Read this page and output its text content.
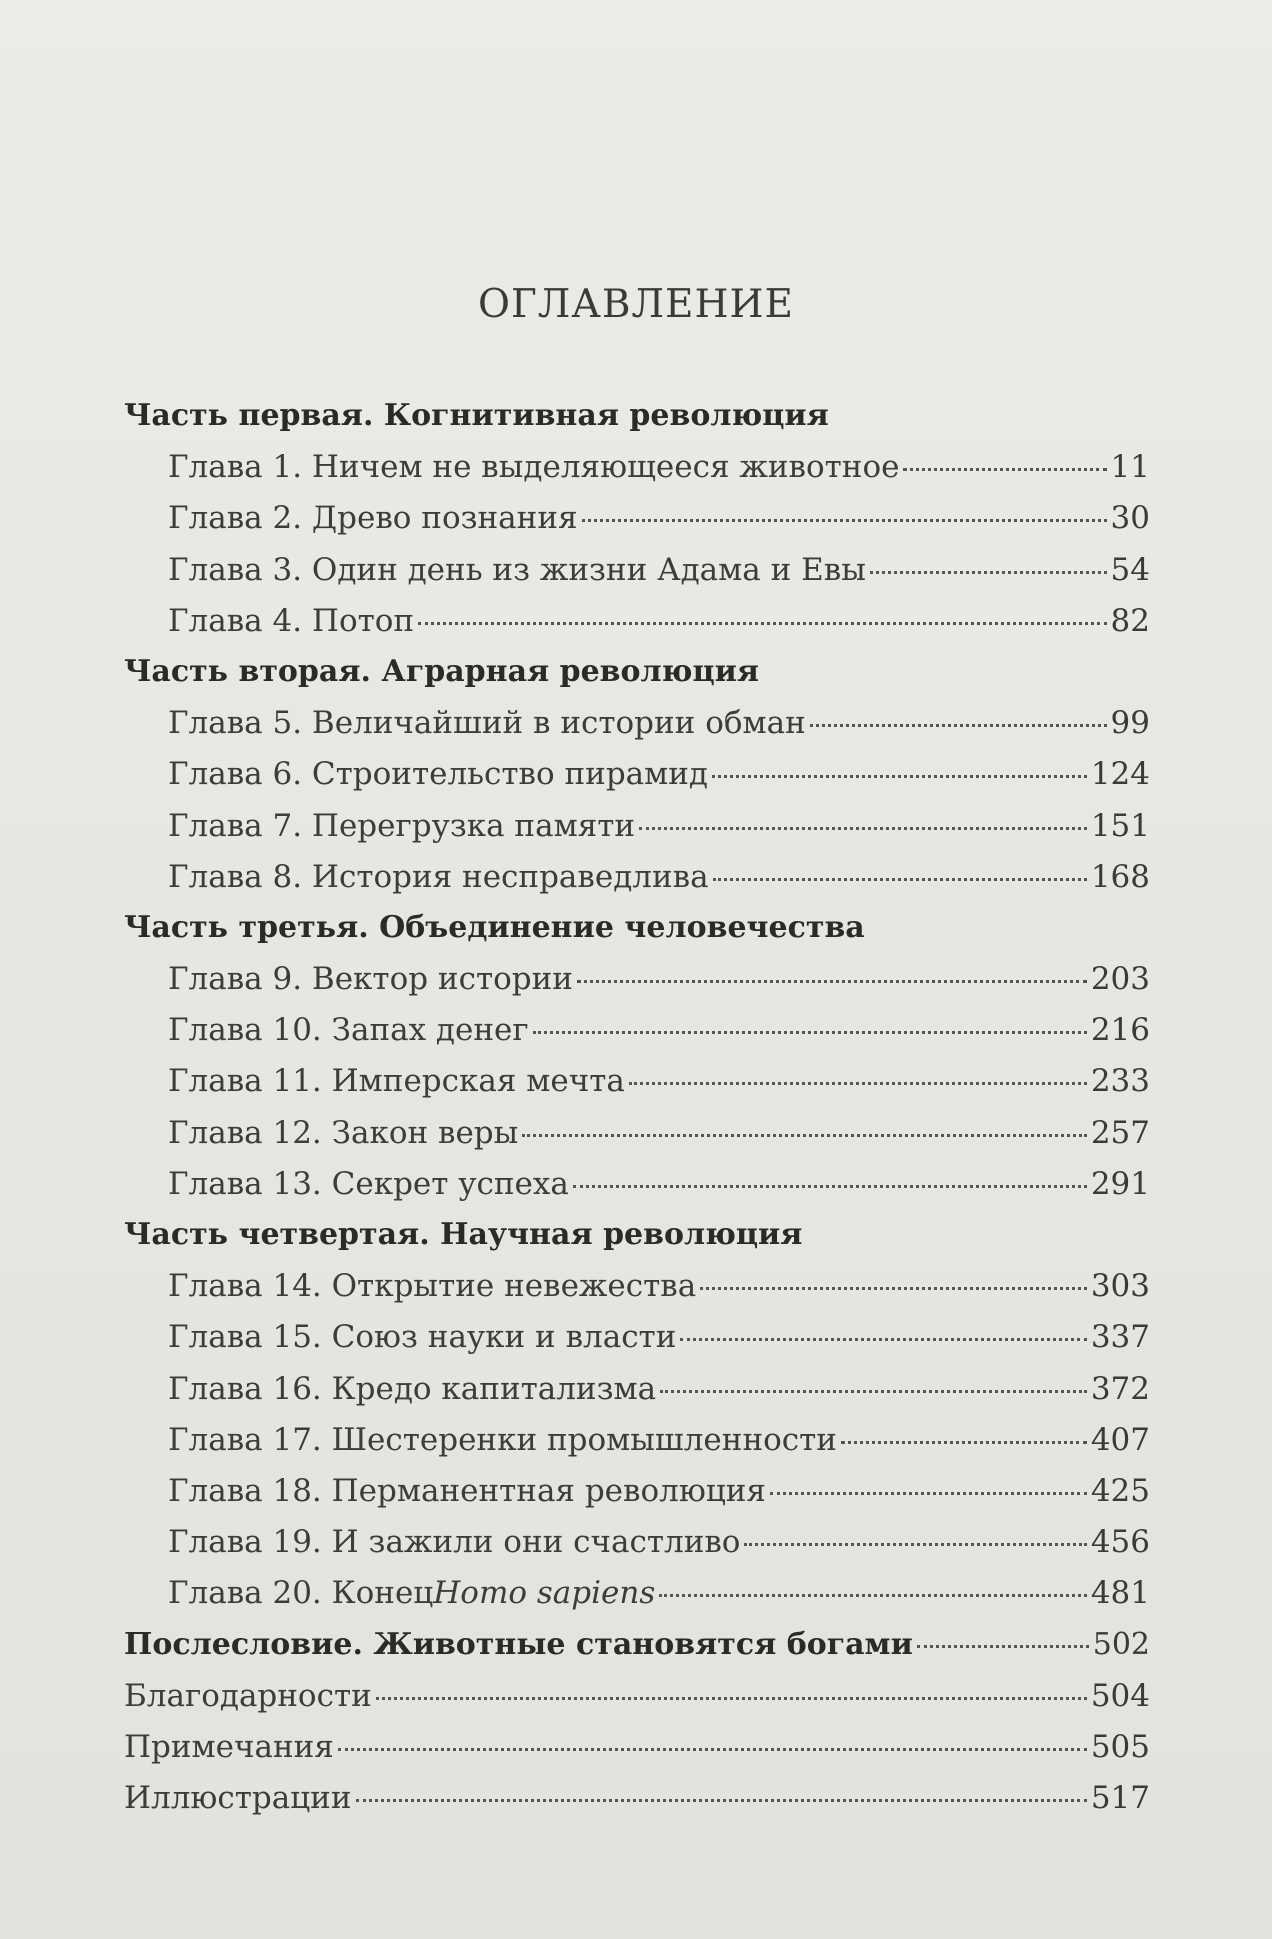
ОГЛАВЛЕНИЕ
Часть первая. Когнитивная революция
Глава 1. Ничем не выделяющееся животное	11
Глава 2. Древо познания	30
Глава 3. Один день из жизни Адама и Евы	54
Глава 4. Потоп	82
Часть вторая. Аграрная революция
Глава 5. Величайший в истории обман	99
Глава 6. Строительство пирамид	124
Глава 7. Перегрузка памяти	151
Глава 8. История несправедлива	168
Часть третья. Объединение человечества
Глава 9. Вектор истории	203
Глава 10. Запах денег	216
Глава 11. Имперская мечта	233
Глава 12. Закон веры	257
Глава 13. Секрет успеха	291
Часть четвертая. Научная революция
Глава 14. Открытие невежества	303
Глава 15. Союз науки и власти	337
Глава 16. Кредо капитализма	372
Глава 17. Шестеренки промышленности	407
Глава 18. Перманентная революция	425
Глава 19. И зажили они счастливо	456
Глава 20. Конец Homo sapiens	481
Послесловие. Животные становятся богами	502
Благодарности	504
Примечания	505
Иллюстрации	517
